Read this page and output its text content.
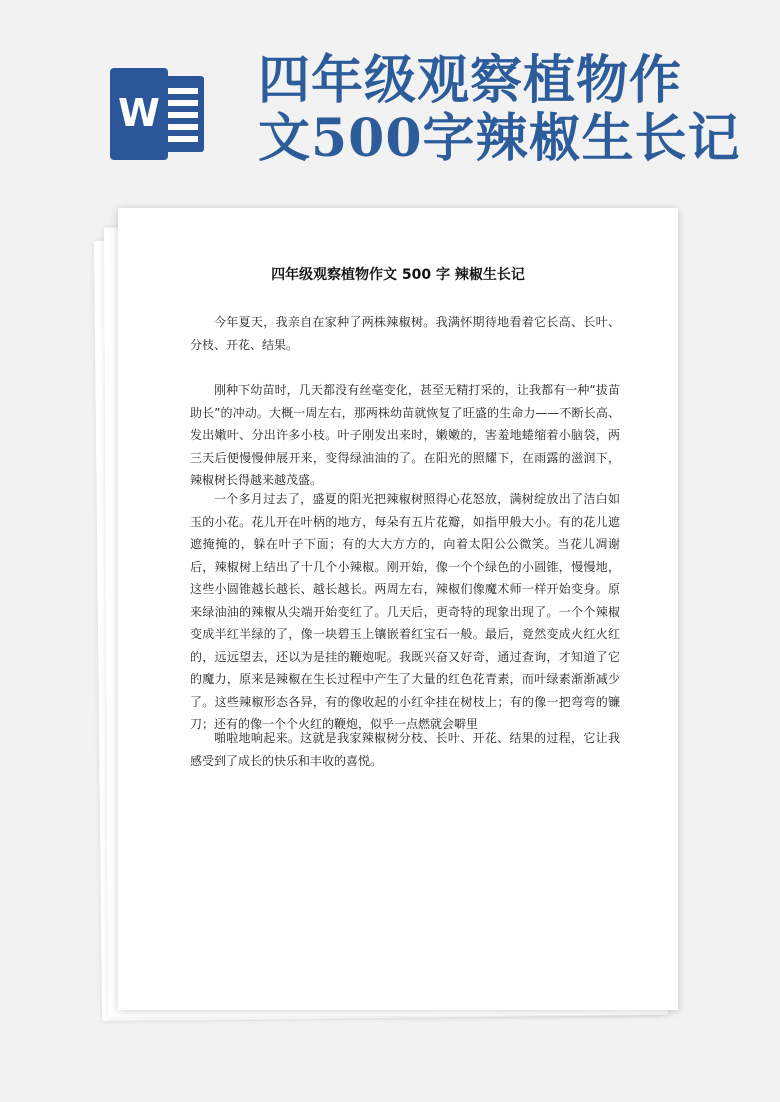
W
四年级观察植物作
文500字辣椒生长记
四年级观察植物作文 500 字 辣椒生长记

今年夏天，我亲自在家种了两株辣椒树。我满怀期待地看着它长高、长叶、分枝、开花、结果。

刚种下幼苗时，几天都没有丝毫变化，甚至无精打采的，让我都有一种“拔苗助长”的冲动。大概一周左右，那两株幼苗就恢复了旺盛的生命力——不断长高、发出嫩叶、分出许多小枝。叶子刚发出来时，嫩嫩的，害羞地蜷缩着小脑袋，两三天后便慢慢伸展开来，变得绿油油的了。在阳光的照耀下，在雨露的滋润下，辣椒树长得越来越茂盛。

一个多月过去了，盛夏的阳光把辣椒树照得心花怒放，满树绽放出了洁白如玉的小花。花儿开在叶柄的地方，每朵有五片花瓣，如指甲般大小。有的花儿遮遮掩掩的，躲在叶子下面；有的大大方方的，向着太阳公公微笑。当花儿凋谢后，辣椒树上结出了十几个小辣椒。刚开始，像一个个绿色的小圆锥，慢慢地，这些小圆锥越长越长、越长越长。两周左右，辣椒们像魔术师一样开始变身。原来绿油油的辣椒从尖端开始变红了。几天后，更奇特的现象出现了。一个个辣椒变成半红半绿的了，像一块碧玉上镶嵌着红宝石一般。最后，竟然变成火红火红的，远远望去，还以为是挂的鞭炮呢。我既兴奋又好奇，通过查询，才知道了它的魔力，原来是辣椒在生长过程中产生了大量的红色花青素，而叶绿素渐渐减少了。这些辣椒形态各异，有的像收起的小红伞挂在树枝上；有的像一把弯弯的镰刀；还有的像一个个火红的鞭炮，似乎一点燃就会噼里

啪啦地响起来。这就是我家辣椒树分枝、长叶、开花、结果的过程，它让我感受到了成长的快乐和丰收的喜悦。
